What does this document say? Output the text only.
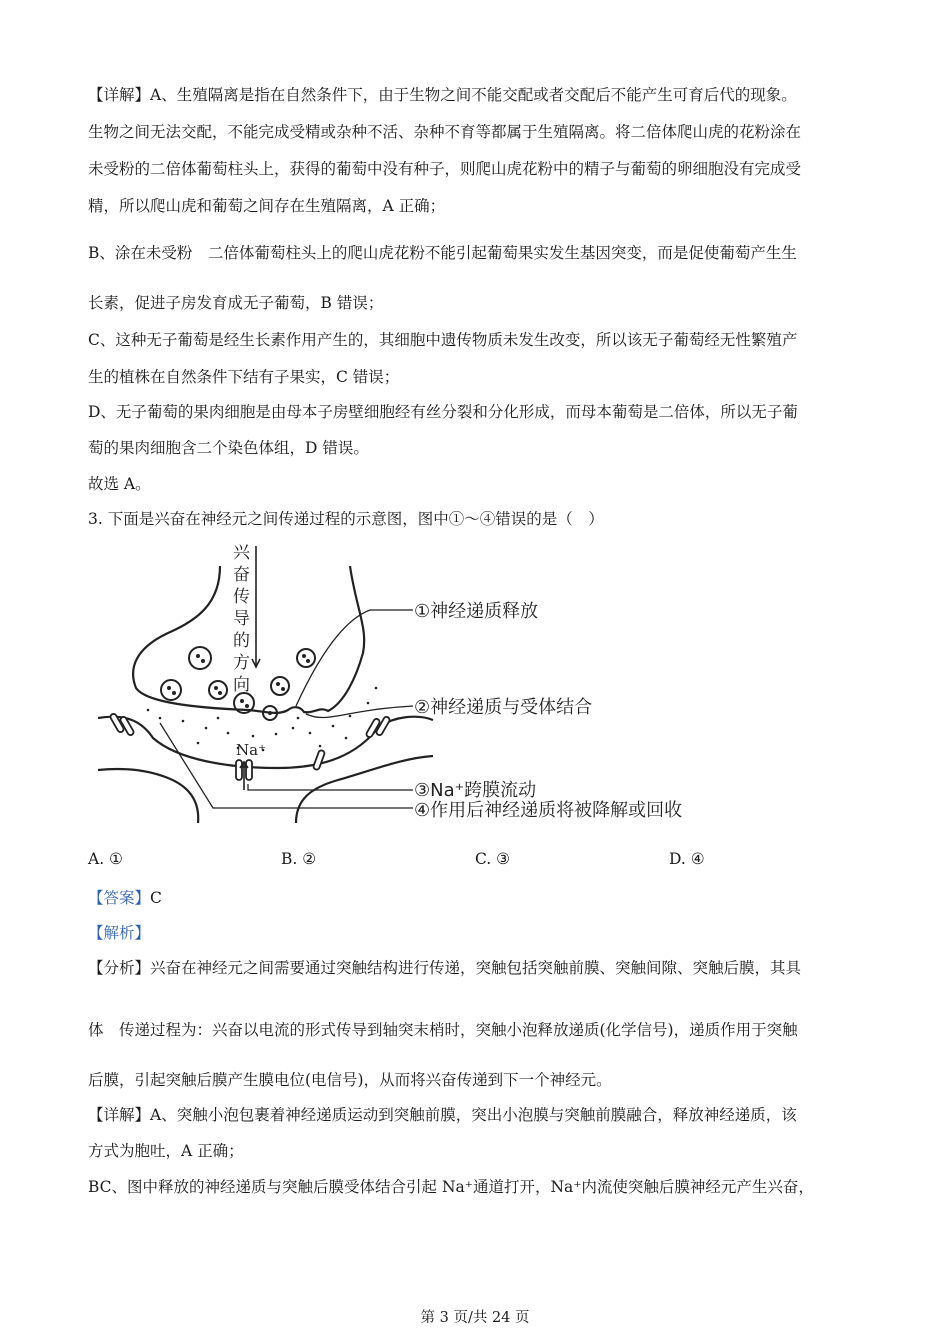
【详解】A、生殖隔离是指在自然条件下，由于生物之间不能交配或者交配后不能产生可育后代的现象。
生物之间无法交配，不能完成受精或杂种不活、杂种不育等都属于生殖隔离。将二倍体爬山虎的花粉涂在
未受粉的二倍体葡萄柱头上，获得的葡萄中没有种子，则爬山虎花粉中的精子与葡萄的卵细胞没有完成受
精，所以爬山虎和葡萄之间存在生殖隔离，A 正确；
B、涂在未受粉　二倍体葡萄柱头上的爬山虎花粉不能引起葡萄果实发生基因突变，而是促使葡萄产生生
长素，促进子房发育成无子葡萄，B 错误；
C、这种无子葡萄是经生长素作用产生的，其细胞中遗传物质未发生改变，所以该无子葡萄经无性繁殖产
生的植株在自然条件下结有子果实，C 错误；
D、无子葡萄的果肉细胞是由母本子房壁细胞经有丝分裂和分化形成，而母本葡萄是二倍体，所以无子葡
萄的果肉细胞含二个染色体组，D 错误。
故选 A。
3. 下面是兴奋在神经元之间传递过程的示意图，图中①～④错误的是（　）
Na⁺
兴
奋
传
导
的
方
向
①神经递质释放
②神经递质与受体结合
③Na⁺跨膜流动
④作用后神经递质将被降解或回收
A. ①	B. ②	C. ③	D. ④
【答案】C
【解析】
【分析】兴奋在神经元之间需要通过突触结构进行传递，突触包括突触前膜、突触间隙、突触后膜，其具
体　传递过程为：兴奋以电流的形式传导到轴突末梢时，突触小泡释放递质(化学信号)，递质作用于突触
后膜，引起突触后膜产生膜电位(电信号)，从而将兴奋传递到下一个神经元。
【详解】A、突触小泡包裹着神经递质运动到突触前膜，突出小泡膜与突触前膜融合，释放神经递质，该
方式为胞吐，A 正确；
BC、图中释放的神经递质与突触后膜受体结合引起 Na⁺通道打开，Na⁺内流使突触后膜神经元产生兴奋，
第 3 页/共 24 页
